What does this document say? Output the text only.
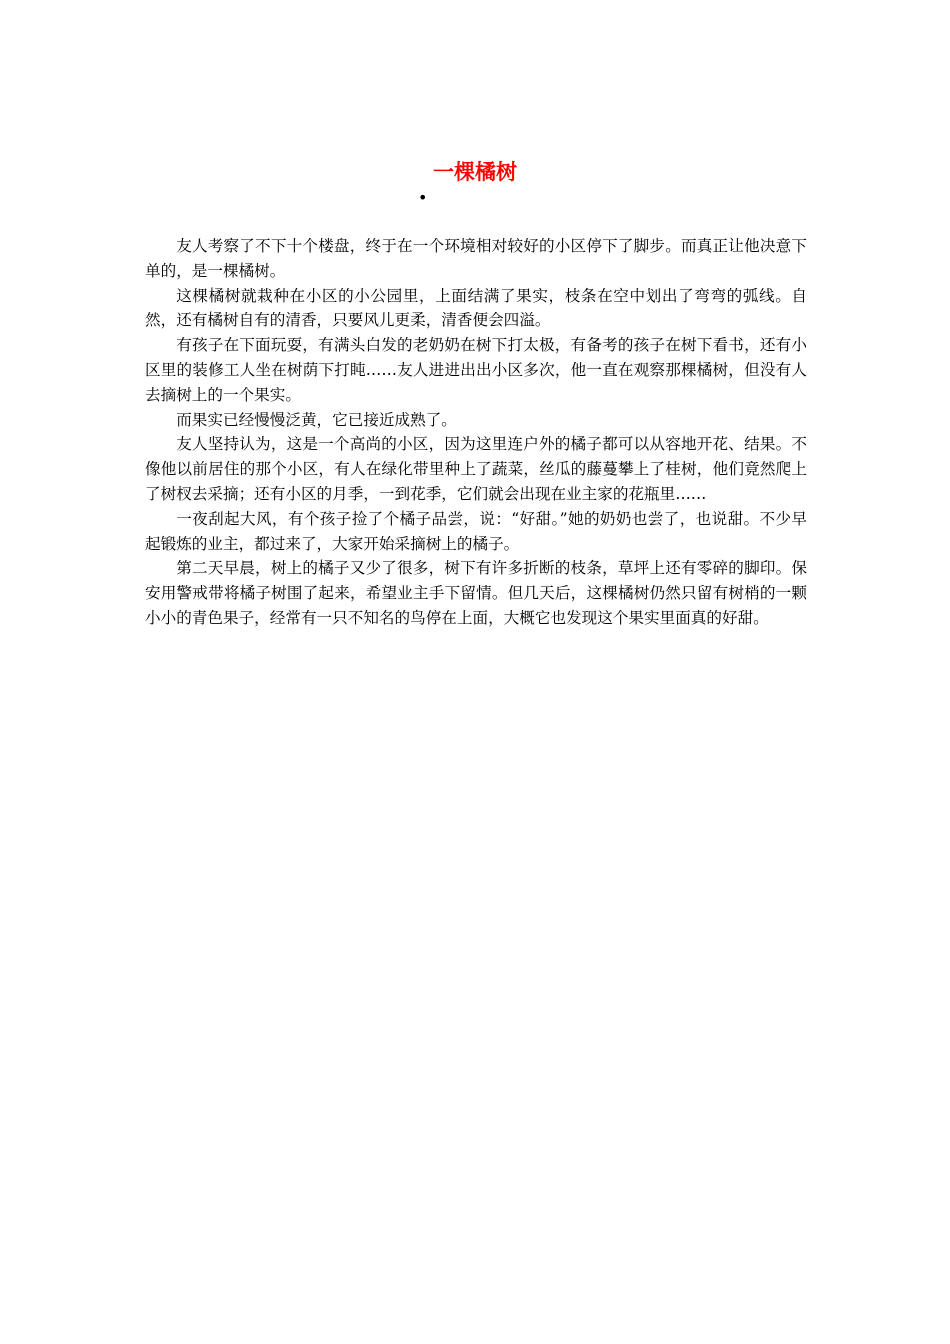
一棵橘树
•

友人考察了不下十个楼盘，终于在一个环境相对较好的小区停下了脚步。而真正让他决意下单的，是一棵橘树。

这棵橘树就栽种在小区的小公园里，上面结满了果实，枝条在空中划出了弯弯的弧线。自然，还有橘树自有的清香，只要风儿更柔，清香便会四溢。

有孩子在下面玩耍，有满头白发的老奶奶在树下打太极，有备考的孩子在树下看书，还有小区里的装修工人坐在树荫下打盹……友人进进出出小区多次，他一直在观察那棵橘树，但没有人去摘树上的一个果实。

而果实已经慢慢泛黄，它已接近成熟了。

友人坚持认为，这是一个高尚的小区，因为这里连户外的橘子都可以从容地开花、结果。不像他以前居住的那个小区，有人在绿化带里种上了蔬菜，丝瓜的藤蔓攀上了桂树，他们竟然爬上了树杈去采摘；还有小区的月季，一到花季，它们就会出现在业主家的花瓶里……

一夜刮起大风，有个孩子捡了个橘子品尝，说：“好甜。”她的奶奶也尝了，也说甜。不少早起锻炼的业主，都过来了，大家开始采摘树上的橘子。

第二天早晨，树上的橘子又少了很多，树下有许多折断的枝条，草坪上还有零碎的脚印。保安用警戒带将橘子树围了起来，希望业主手下留情。但几天后，这棵橘树仍然只留有树梢的一颗小小的青色果子，经常有一只不知名的鸟停在上面，大概它也发现这个果实里面真的好甜。
